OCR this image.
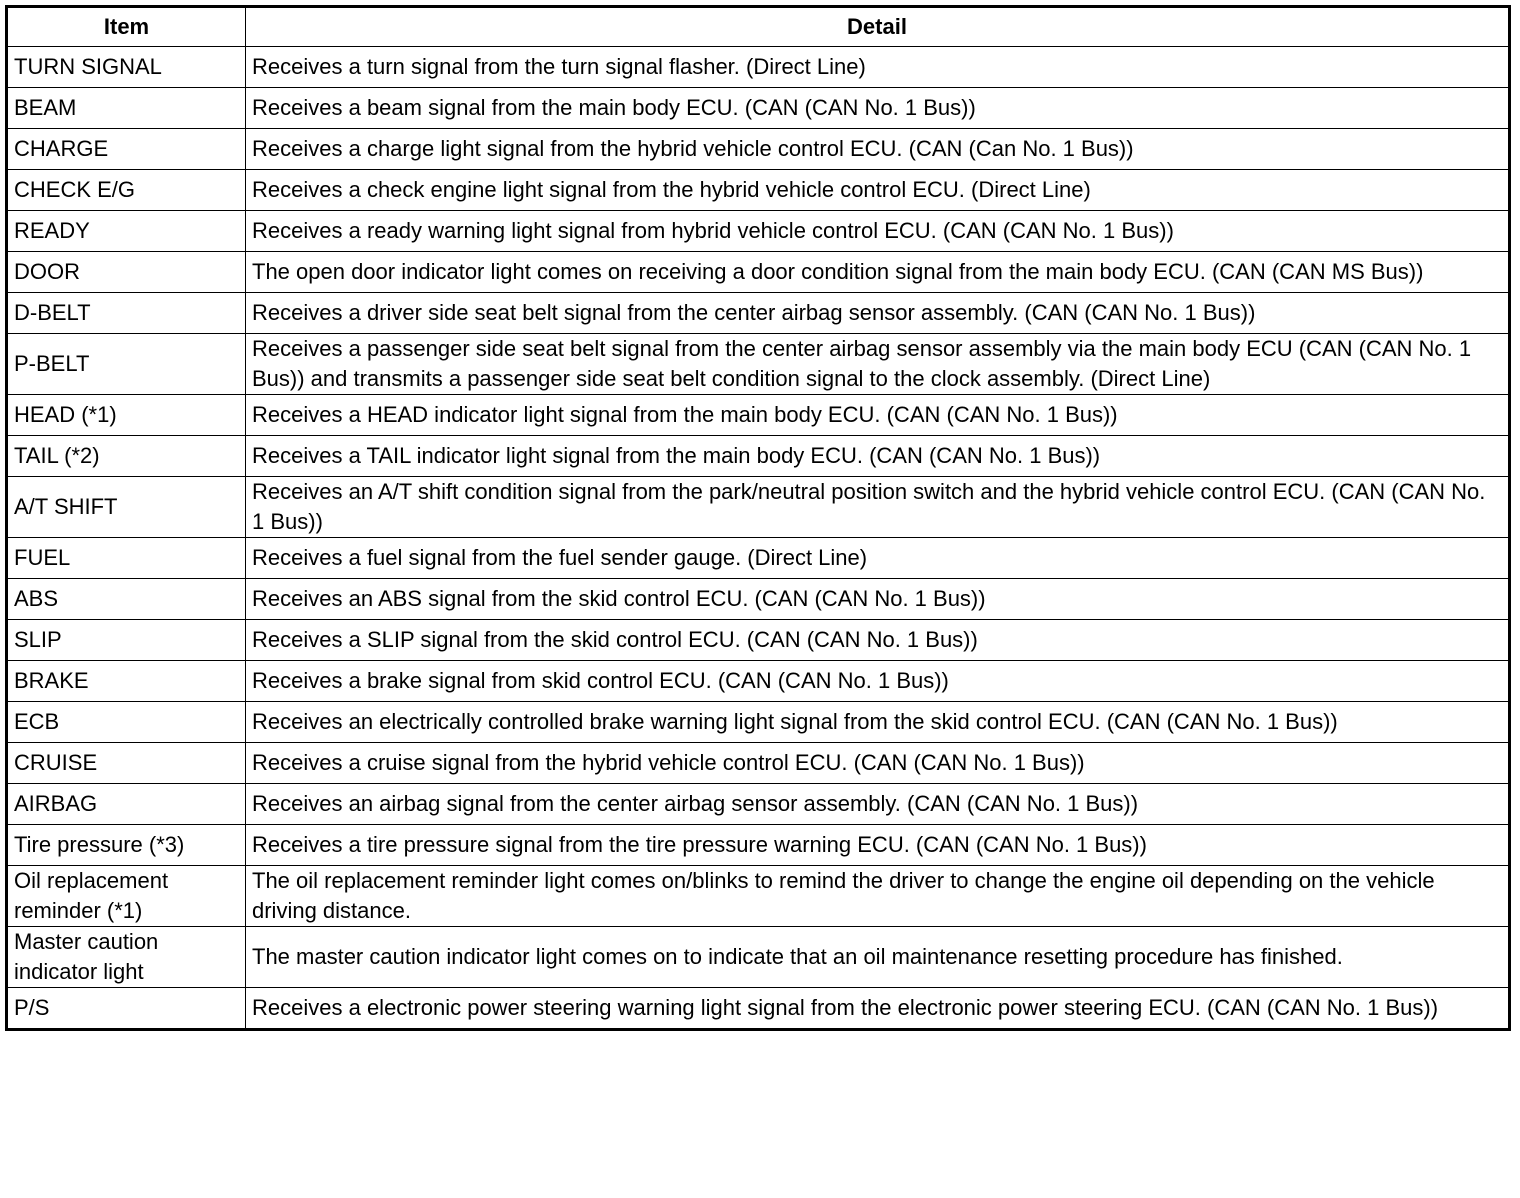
Item	Detail
TURN SIGNAL	Receives a turn signal from the turn signal flasher. (Direct Line)
BEAM	Receives a beam signal from the main body ECU. (CAN (CAN No. 1 Bus))
CHARGE	Receives a charge light signal from the hybrid vehicle control ECU. (CAN (Can No. 1 Bus))
CHECK E/G	Receives a check engine light signal from the hybrid vehicle control ECU. (Direct Line)
READY	Receives a ready warning light signal from hybrid vehicle control ECU. (CAN (CAN No. 1 Bus))
DOOR	The open door indicator light comes on receiving a door condition signal from the main body ECU. (CAN (CAN MS Bus))
D-BELT	Receives a driver side seat belt signal from the center airbag sensor assembly. (CAN (CAN No. 1 Bus))
P-BELT	Receives a passenger side seat belt signal from the center airbag sensor assembly via the main body ECU (CAN (CAN No. 1 Bus)) and transmits a passenger side seat belt condition signal to the clock assembly. (Direct Line)
HEAD (*1)	Receives a HEAD indicator light signal from the main body ECU. (CAN (CAN No. 1 Bus))
TAIL (*2)	Receives a TAIL indicator light signal from the main body ECU. (CAN (CAN No. 1 Bus))
A/T SHIFT	Receives an A/T shift condition signal from the park/neutral position switch and the hybrid vehicle control ECU. (CAN (CAN No. 1 Bus))
FUEL	Receives a fuel signal from the fuel sender gauge. (Direct Line)
ABS	Receives an ABS signal from the skid control ECU. (CAN (CAN No. 1 Bus))
SLIP	Receives a SLIP signal from the skid control ECU. (CAN (CAN No. 1 Bus))
BRAKE	Receives a brake signal from skid control ECU. (CAN (CAN No. 1 Bus))
ECB	Receives an electrically controlled brake warning light signal from the skid control ECU. (CAN (CAN No. 1 Bus))
CRUISE	Receives a cruise signal from the hybrid vehicle control ECU. (CAN (CAN No. 1 Bus))
AIRBAG	Receives an airbag signal from the center airbag sensor assembly. (CAN (CAN No. 1 Bus))
Tire pressure (*3)	Receives a tire pressure signal from the tire pressure warning ECU. (CAN (CAN No. 1 Bus))
Oil replacement reminder (*1)	The oil replacement reminder light comes on/blinks to remind the driver to change the engine oil depending on the vehicle driving distance.
Master caution indicator light	The master caution indicator light comes on to indicate that an oil maintenance resetting procedure has finished.
P/S	Receives a electronic power steering warning light signal from the electronic power steering ECU. (CAN (CAN No. 1 Bus))
